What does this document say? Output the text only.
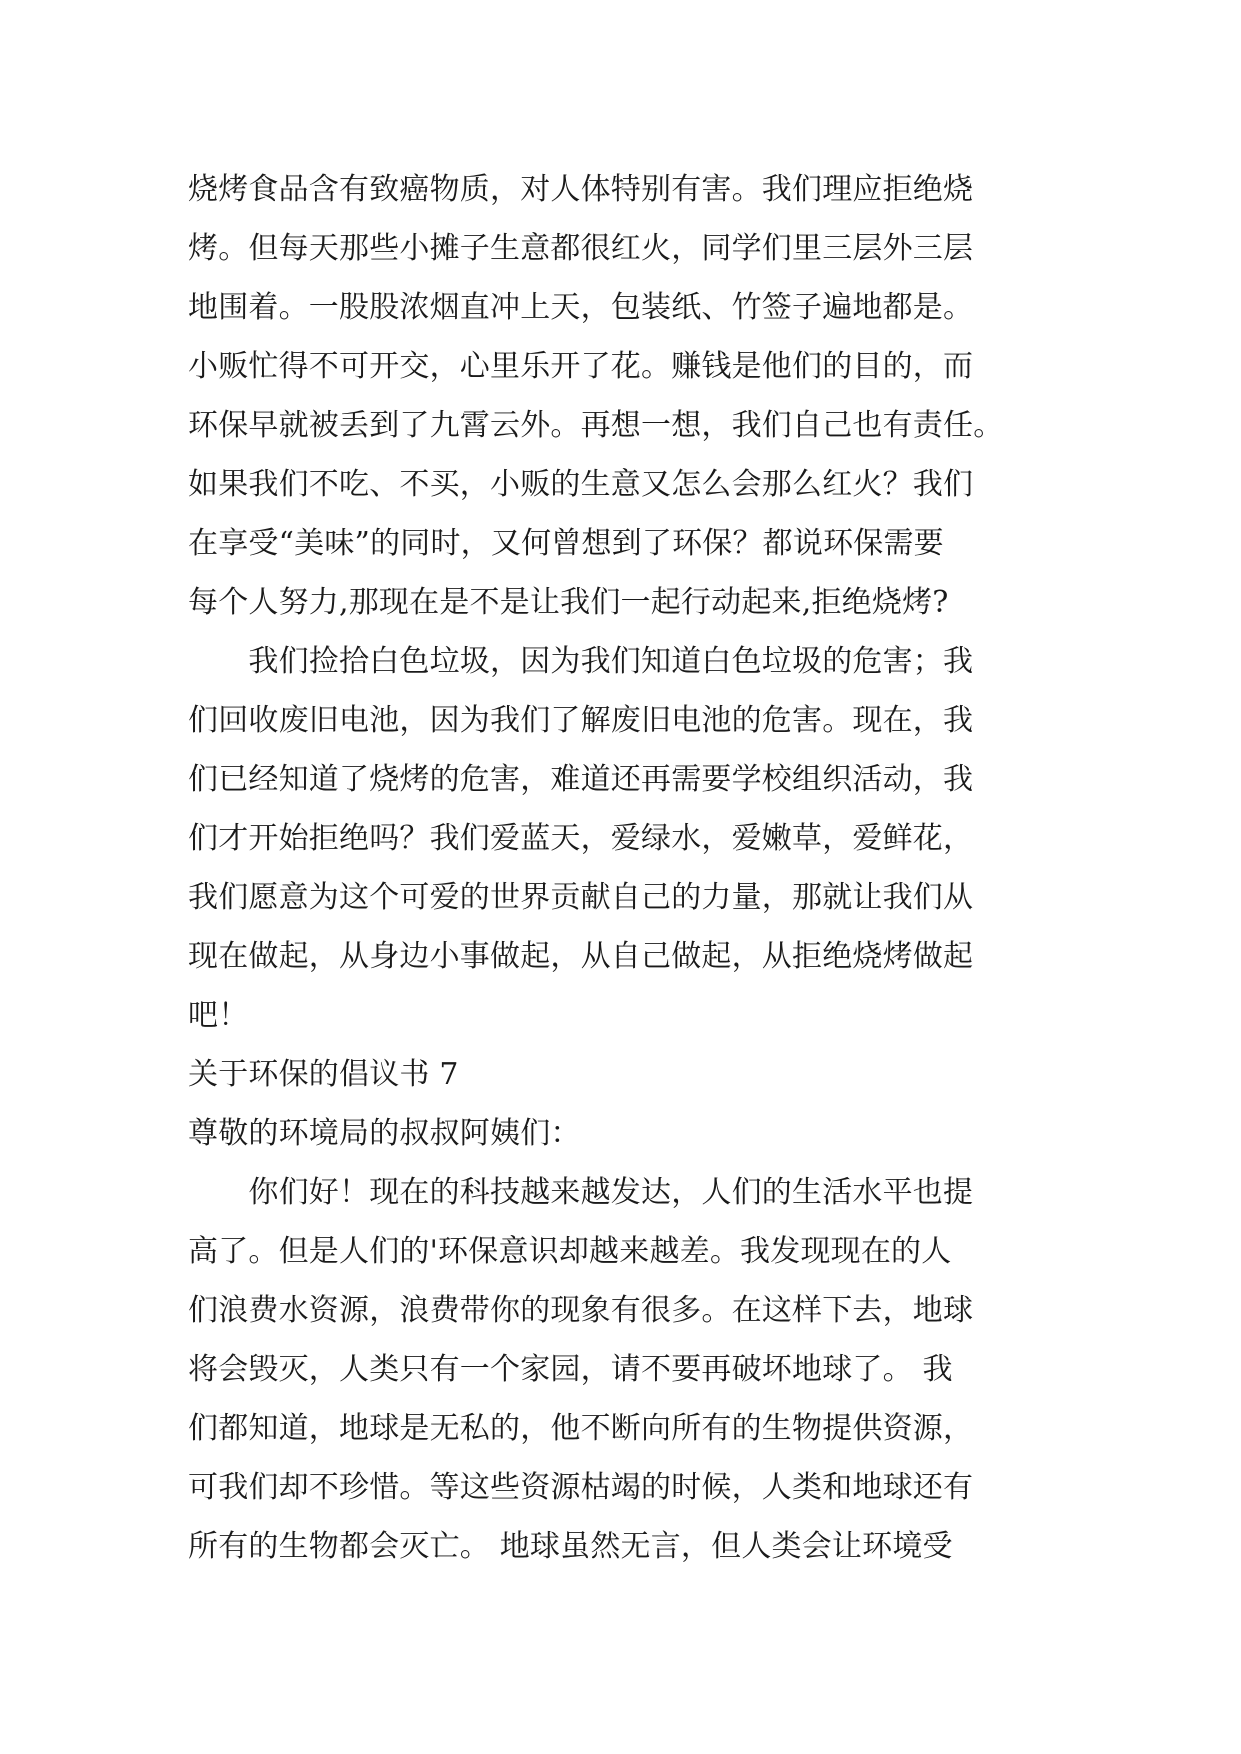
烧烤食品含有致癌物质，对人体特别有害。我们理应拒绝烧
烤。但每天那些小摊子生意都很红火，同学们里三层外三层
地围着。一股股浓烟直冲上天，包装纸、竹签子遍地都是。
小贩忙得不可开交，心里乐开了花。赚钱是他们的目的，而
环保早就被丢到了九霄云外。再想一想，我们自己也有责任。
如果我们不吃、不买，小贩的生意又怎么会那么红火？我们
在享受“美味”的同时，又何曾想到了环保？都说环保需要
每个人努力,那现在是不是让我们一起行动起来,拒绝烧烤?
　　我们捡拾白色垃圾，因为我们知道白色垃圾的危害；我
们回收废旧电池，因为我们了解废旧电池的危害。现在，我
们已经知道了烧烤的危害，难道还再需要学校组织活动，我
们才开始拒绝吗？我们爱蓝天，爱绿水，爱嫩草，爱鲜花，
我们愿意为这个可爱的世界贡献自己的力量，那就让我们从
现在做起，从身边小事做起，从自己做起，从拒绝烧烤做起
吧！
关于环保的倡议书 7
尊敬的环境局的叔叔阿姨们：
　　你们好！现在的科技越来越发达，人们的生活水平也提
高了。但是人们的'环保意识却越来越差。我发现现在的人
们浪费水资源，浪费带你的现象有很多。在这样下去，地球
将会毁灭，人类只有一个家园，请不要再破坏地球了。 我
们都知道，地球是无私的，他不断向所有的生物提供资源，
可我们却不珍惜。等这些资源枯竭的时候，人类和地球还有
所有的生物都会灭亡。 地球虽然无言，但人类会让环境受
